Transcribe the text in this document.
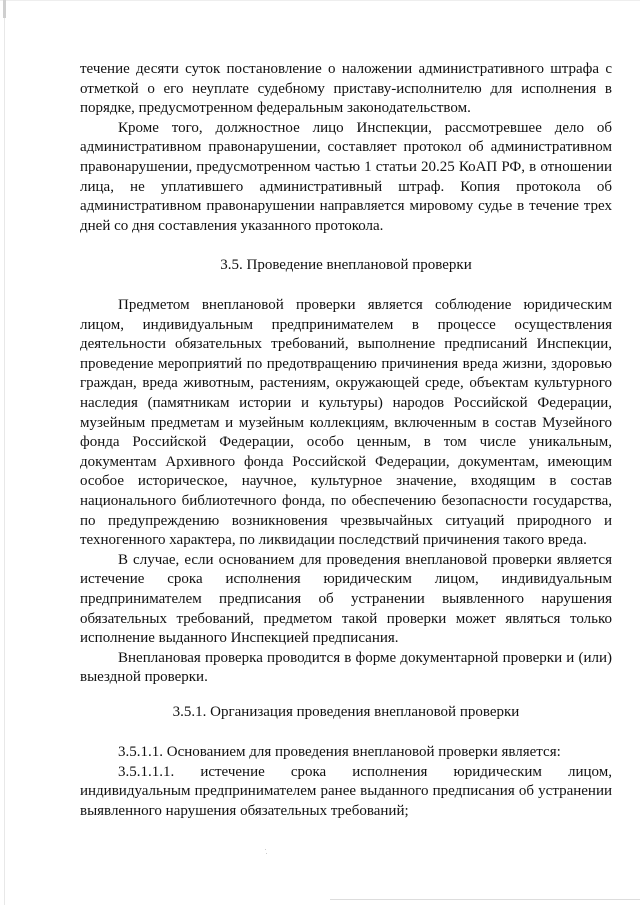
течение десяти суток постановление о наложении административного штрафа с отметкой о его неуплате судебному приставу-исполнителю для исполнения в порядке, предусмотренном федеральным законодательством.

Кроме того, должностное лицо Инспекции, рассмотревшее дело об административном правонарушении, составляет протокол об административном правонарушении, предусмотренном частью 1 статьи 20.25 КоАП РФ, в отношении лица, не уплатившего административный штраф. Копия протокола об административном правонарушении направляется мировому судье в течение трех дней со дня составления указанного протокола.

3.5. Проведение внеплановой проверки

Предметом внеплановой проверки является соблюдение юридическим лицом, индивидуальным предпринимателем в процессе осуществления деятельности обязательных требований, выполнение предписаний Инспекции, проведение мероприятий по предотвращению причинения вреда жизни, здоровью граждан, вреда животным, растениям, окружающей среде, объектам культурного наследия (памятникам истории и культуры) народов Российской Федерации, музейным предметам и музейным коллекциям, включенным в состав Музейного фонда Российской Федерации, особо ценным, в том числе уникальным, документам Архивного фонда Российской Федерации, документам, имеющим особое историческое, научное, культурное значение, входящим в состав национального библиотечного фонда, по обеспечению безопасности государства, по предупреждению возникновения чрезвычайных ситуаций природного и техногенного характера, по ликвидации последствий причинения такого вреда.

В случае, если основанием для проведения внеплановой проверки является истечение срока исполнения юридическим лицом, индивидуальным предпринимателем предписания об устранении выявленного нарушения обязательных требований, предметом такой проверки может являться только исполнение выданного Инспекцией предписания.

Внеплановая проверка проводится в форме документарной проверки и (или) выездной проверки.

3.5.1. Организация проведения внеплановой проверки

3.5.1.1. Основанием для проведения внеплановой проверки является:

3.5.1.1.1. истечение срока исполнения юридическим лицом, индивидуальным предпринимателем ранее выданного предписания об устранении выявленного нарушения обязательных требований;
